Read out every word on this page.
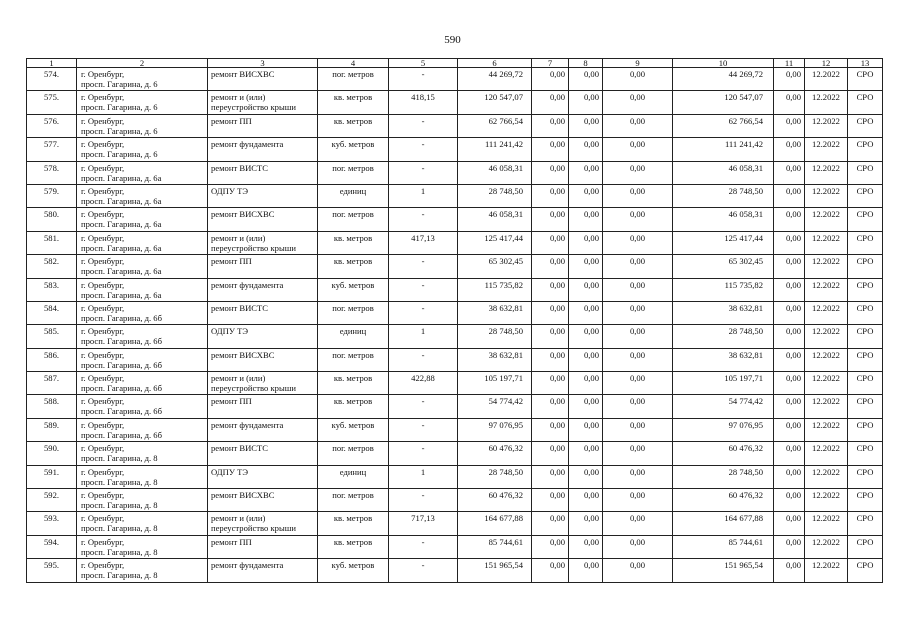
590
1	2	3	4	5	6	7	8	9	10	11	12	13

574.	г. Оренбург,
просп. Гагарина, д. 6	ремонт ВИСХВС	пог. метров	-	44 269,72	0,00	0,00	0,00	44 269,72	0,00	12.2022	СРО

575.	г. Оренбург,
просп. Гагарина, д. 6	ремонт и (или)
переустройство крыши	кв. метров	418,15	120 547,07	0,00	0,00	0,00	120 547,07	0,00	12.2022	СРО

576.	г. Оренбург,
просп. Гагарина, д. 6	ремонт ПП	кв. метров	-	62 766,54	0,00	0,00	0,00	62 766,54	0,00	12.2022	СРО

577.	г. Оренбург,
просп. Гагарина, д. 6	ремонт фундамента	куб. метров	-	111 241,42	0,00	0,00	0,00	111 241,42	0,00	12.2022	СРО

578.	г. Оренбург,
просп. Гагарина, д. 6а	ремонт ВИСТС	пог. метров	-	46 058,31	0,00	0,00	0,00	46 058,31	0,00	12.2022	СРО

579.	г. Оренбург,
просп. Гагарина, д. 6а	ОДПУ ТЭ	единиц	1	28 748,50	0,00	0,00	0,00	28 748,50	0,00	12.2022	СРО

580.	г. Оренбург,
просп. Гагарина, д. 6а	ремонт ВИСХВС	пог. метров	-	46 058,31	0,00	0,00	0,00	46 058,31	0,00	12.2022	СРО

581.	г. Оренбург,
просп. Гагарина, д. 6а	ремонт и (или)
переустройство крыши	кв. метров	417,13	125 417,44	0,00	0,00	0,00	125 417,44	0,00	12.2022	СРО

582.	г. Оренбург,
просп. Гагарина, д. 6а	ремонт ПП	кв. метров	-	65 302,45	0,00	0,00	0,00	65 302,45	0,00	12.2022	СРО

583.	г. Оренбург,
просп. Гагарина, д. 6а	ремонт фундамента	куб. метров	-	115 735,82	0,00	0,00	0,00	115 735,82	0,00	12.2022	СРО

584.	г. Оренбург,
просп. Гагарина, д. 6б	ремонт ВИСТС	пог. метров	-	38 632,81	0,00	0,00	0,00	38 632,81	0,00	12.2022	СРО

585.	г. Оренбург,
просп. Гагарина, д. 6б	ОДПУ ТЭ	единиц	1	28 748,50	0,00	0,00	0,00	28 748,50	0,00	12.2022	СРО

586.	г. Оренбург,
просп. Гагарина, д. 6б	ремонт ВИСХВС	пог. метров	-	38 632,81	0,00	0,00	0,00	38 632,81	0,00	12.2022	СРО

587.	г. Оренбург,
просп. Гагарина, д. 6б	ремонт и (или)
переустройство крыши	кв. метров	422,88	105 197,71	0,00	0,00	0,00	105 197,71	0,00	12.2022	СРО

588.	г. Оренбург,
просп. Гагарина, д. 6б	ремонт ПП	кв. метров	-	54 774,42	0,00	0,00	0,00	54 774,42	0,00	12.2022	СРО

589.	г. Оренбург,
просп. Гагарина, д. 6б	ремонт фундамента	куб. метров	-	97 076,95	0,00	0,00	0,00	97 076,95	0,00	12.2022	СРО

590.	г. Оренбург,
просп. Гагарина, д. 8	ремонт ВИСТС	пог. метров	-	60 476,32	0,00	0,00	0,00	60 476,32	0,00	12.2022	СРО

591.	г. Оренбург,
просп. Гагарина, д. 8	ОДПУ ТЭ	единиц	1	28 748,50	0,00	0,00	0,00	28 748,50	0,00	12.2022	СРО

592.	г. Оренбург,
просп. Гагарина, д. 8	ремонт ВИСХВС	пог. метров	-	60 476,32	0,00	0,00	0,00	60 476,32	0,00	12.2022	СРО

593.	г. Оренбург,
просп. Гагарина, д. 8	ремонт и (или)
переустройство крыши	кв. метров	717,13	164 677,88	0,00	0,00	0,00	164 677,88	0,00	12.2022	СРО

594.	г. Оренбург,
просп. Гагарина, д. 8	ремонт ПП	кв. метров	-	85 744,61	0,00	0,00	0,00	85 744,61	0,00	12.2022	СРО

595.	г. Оренбург,
просп. Гагарина, д. 8	ремонт фундамента	куб. метров	-	151 965,54	0,00	0,00	0,00	151 965,54	0,00	12.2022	СРО
